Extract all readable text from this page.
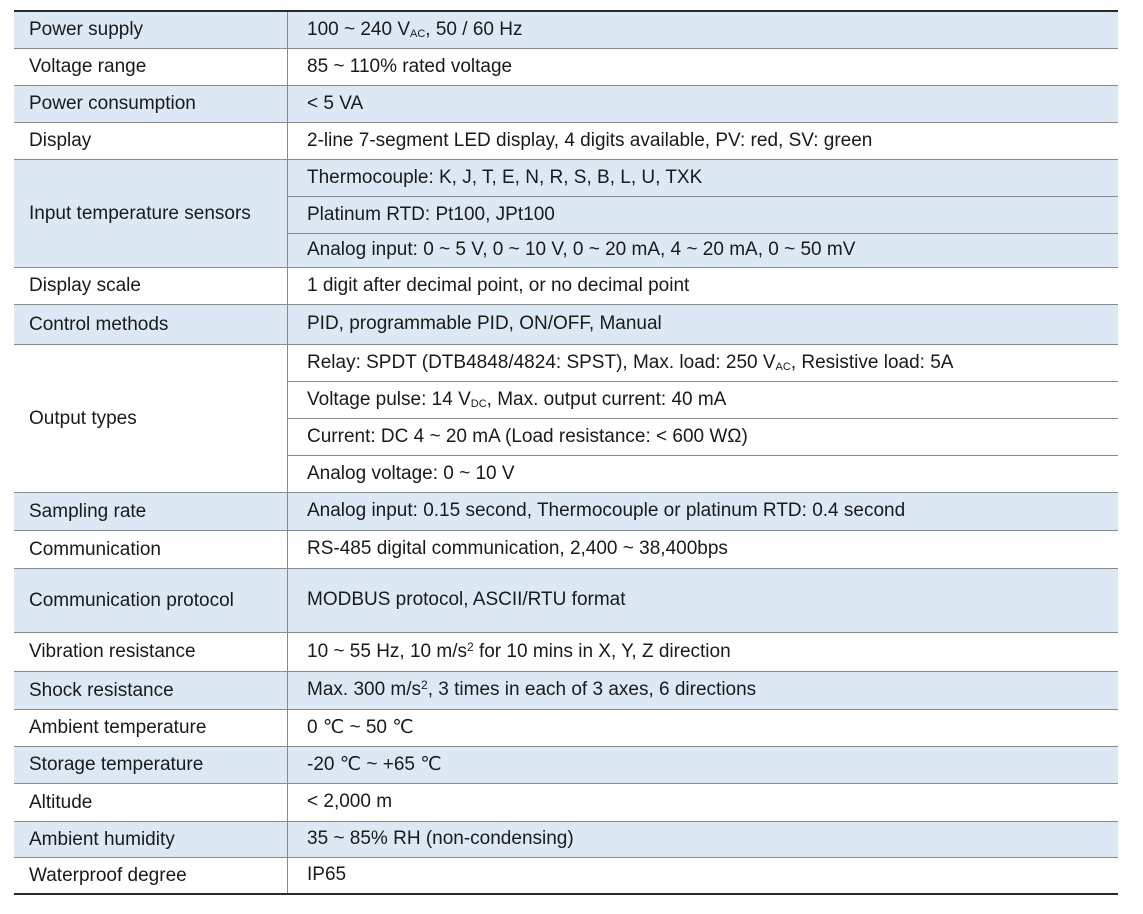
Power supply	100 ~ 240 $V_{AC}$, 50 / 60 Hz
Voltage range	85 ~ 110% rated voltage
Power consumption	< 5 VA
Display	2-line 7-segment LED display, 4 digits available, PV: red, SV: green
Input temperature sensors	Thermocouple: K, J, T, E, N, R, S, B, L, U, TXK
	Platinum RTD: Pt100, JPt100
	Analog input: 0 ~ 5 V, 0 ~ 10 V, 0 ~ 20 mA, 4 ~ 20 mA, 0 ~ 50 mV
Display scale	1 digit after decimal point, or no decimal point
Control methods	PID, programmable PID, ON/OFF, Manual
Output types	Relay: SPDT (DTB4848/4824: SPST), Max. load: 250 $V_{AC}$, Resistive load: 5A
	Voltage pulse: 14 $V_{DC}$, Max. output current: 40 mA
	Current: DC 4 ~ 20 mA (Load resistance: < 600 WΩ)
	Analog voltage: 0 ~ 10 V
Sampling rate	Analog input: 0.15 second, Thermocouple or platinum RTD: 0.4 second
Communication	RS-485 digital communication, 2,400 ~ 38,400bps
Communication protocol	MODBUS protocol, ASCII/RTU format
Vibration resistance	10 ~ 55 Hz, 10 $m/s^2$ for 10 mins in X, Y, Z direction
Shock resistance	Max. 300 $m/s^2$, 3 times in each of 3 axes, 6 directions
Ambient temperature	0 ℃ ~ 50 ℃
Storage temperature	-20 ℃ ~ +65 ℃
Altitude	< 2,000 m
Ambient humidity	35 ~ 85% RH (non-condensing)
Waterproof degree	IP65
